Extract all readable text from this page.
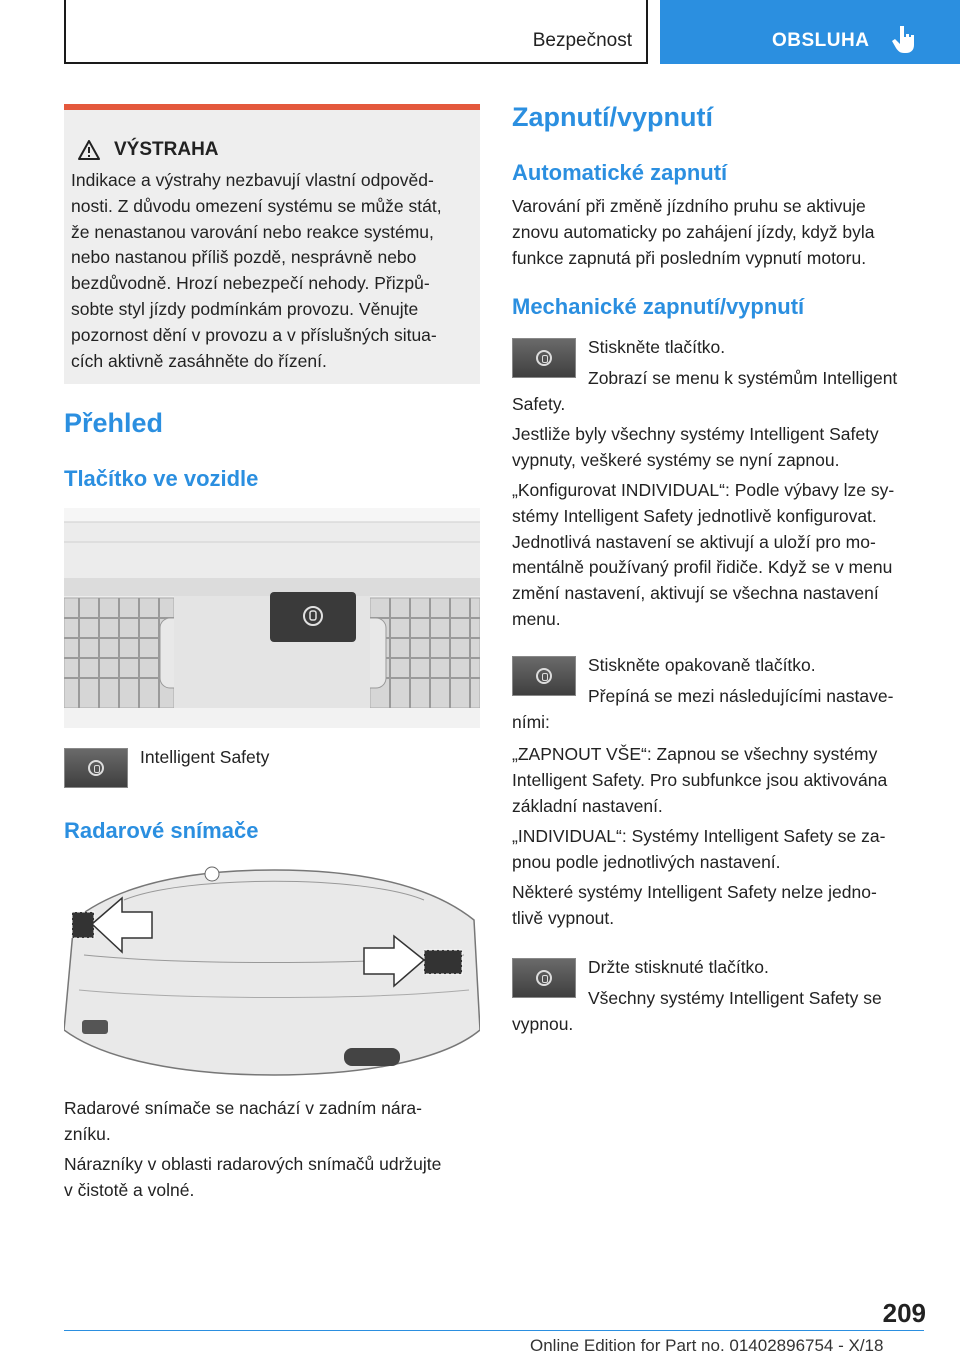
Bezpečnost	OBSLUHA
VÝSTRAHA
Indikace a výstrahy nezbavují vlastní odpověd‐
nosti. Z důvodu omezení systému se může stát,
že nenastanou varování nebo reakce systému,
nebo nastanou příliš pozdě, nesprávně nebo
bezdůvodně. Hrozí nebezpečí nehody. Přizpů‐
sobte styl jízdy podmínkám provozu. Věnujte
pozornost dění v provozu a v příslušných situa‐
cích aktivně zasáhněte do řízení.
Přehled
Tlačítko ve vozidle
Intelligent Safety
Radarové snímače
Radarové snímače se nachází v zadním nára‐
zníku.
Nárazníky v oblasti radarových snímačů udržujte
v čistotě a volné.
Zapnutí/vypnutí
Automatické zapnutí
Varování při změně jízdního pruhu se aktivuje
znovu automaticky po zahájení jízdy, když byla
funkce zapnutá při posledním vypnutí motoru.
Mechanické zapnutí/vypnutí
Stiskněte tlačítko.
Zobrazí se menu k systémům Intelligent
Safety.
Jestliže byly všechny systémy Intelligent Safety
vypnuty, veškeré systémy se nyní zapnou.
„Konfigurovat INDIVIDUAL“: Podle výbavy lze sy‐
stémy Intelligent Safety jednotlivě konfigurovat.
Jednotlivá nastavení se aktivují a uloží pro mo‐
mentálně používaný profil řidiče. Když se v menu
změní nastavení, aktivují se všechna nastavení
menu.
Stiskněte opakovaně tlačítko.
Přepíná se mezi následujícími nastave‐
ními:
„ZAPNOUT VŠE“: Zapnou se všechny systémy
Intelligent Safety. Pro subfunkce jsou aktivována
základní nastavení.
„INDIVIDUAL“: Systémy Intelligent Safety se za‐
pnou podle jednotlivých nastavení.
Některé systémy Intelligent Safety nelze jedno‐
tlivě vypnout.
Držte stisknuté tlačítko.
Všechny systémy Intelligent Safety se
vypnou.
209
Online Edition for Part no. 01402896754 - X/18
